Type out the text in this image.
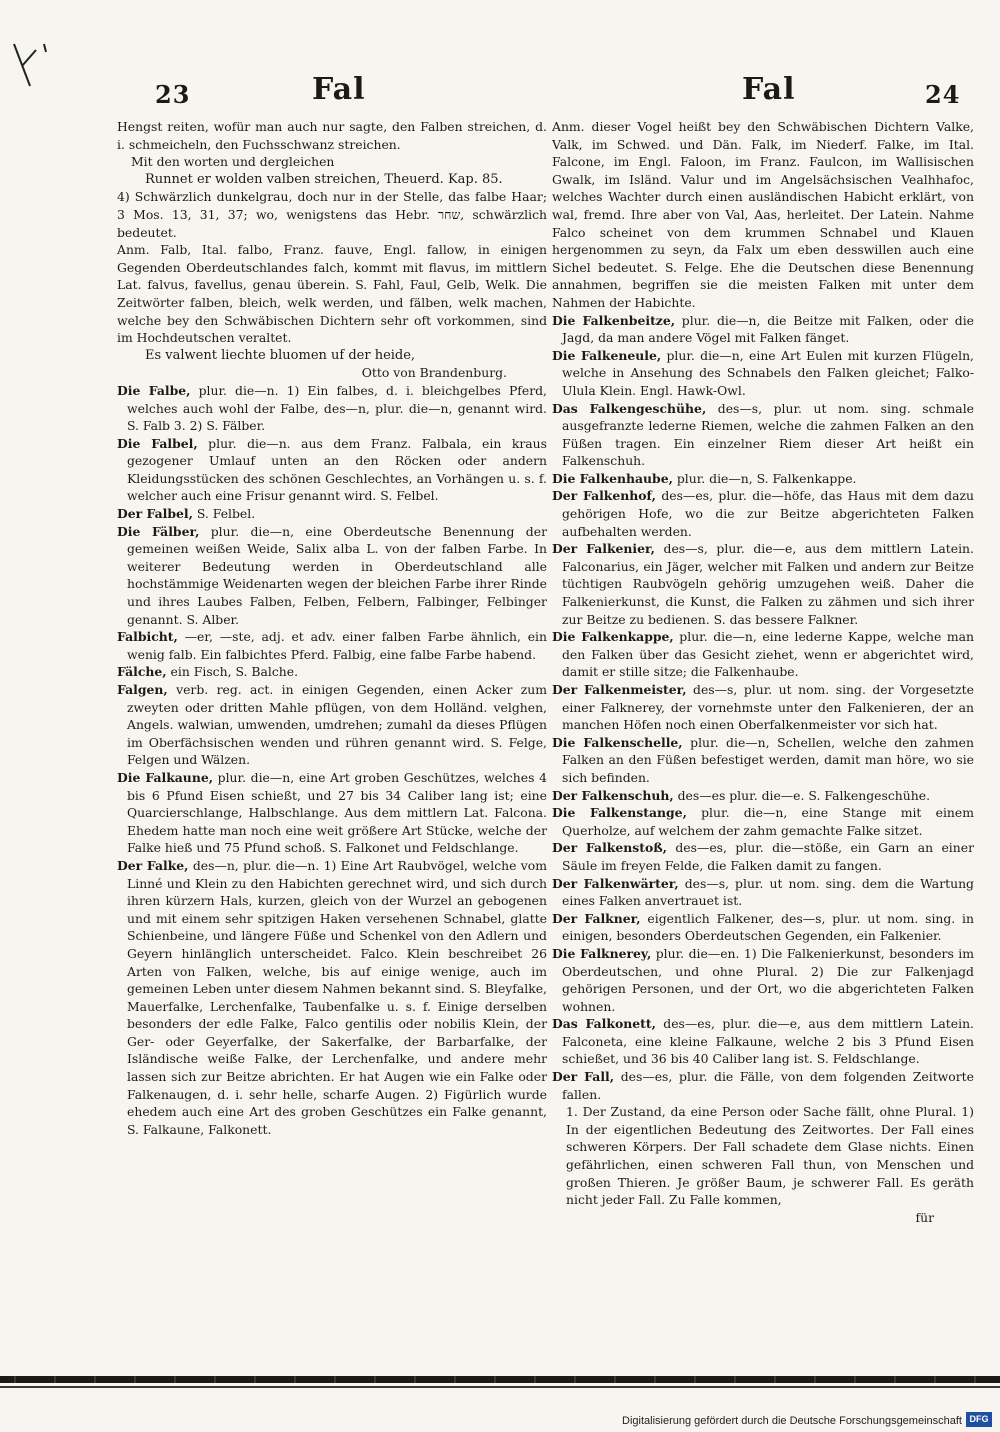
23	Fal	Fal	24

Hengst reiten, wofür man auch nur sagte, den Falben streichen, d. i. schmeicheln, den Fuchsschwanz streichen.

Mit den worten und dergleichen

Runnet er wolden valben streichen, Theuerd. Kap. 85.

4) Schwärzlich dunkelgrau, doch nur in der Stelle, das falbe Haar; 3 Mos. 13, 31, 37; wo, wenigstens das Hebr. שחר, schwärzlich bedeutet.

Anm. Falb, Ital. falbo, Franz. fauve, Engl. fallow, in einigen Gegenden Oberdeutschlandes falch, kommt mit flavus, im mittlern Lat. falvus, favellus, genau überein. S. Fahl, Faul, Gelb, Welk. Die Zeitwörter falben, bleich, welk werden, und fälben, welk machen, welche bey den Schwäbischen Dichtern sehr oft vorkommen, sind im Hochdeutschen veraltet.

Es valwent liechte bluomen uf der heide,

Otto von Brandenburg.

Die Falbe, plur. die—n. 1) Ein falbes, d. i. bleichgelbes Pferd, welches auch wohl der Falbe, des—n, plur. die—n, genannt wird. S. Falb 3. 2) S. Fälber.

Die Falbel, plur. die—n. aus dem Franz. Falbala, ein kraus gezogener Umlauf unten an den Röcken oder andern Kleidungsstücken des schönen Geschlechtes, an Vorhängen u. s. f. welcher auch eine Frisur genannt wird. S. Felbel.

Der Falbel, S. Felbel.

Die Fälber, plur. die—n, eine Oberdeutsche Benennung der gemeinen weißen Weide, Salix alba L. von der falben Farbe. In weiterer Bedeutung werden in Oberdeutschland alle hochstämmige Weidenarten wegen der bleichen Farbe ihrer Rinde und ihres Laubes Falben, Felben, Felbern, Falbinger, Felbinger genannt. S. Alber.

Falbicht, —er, —ste, adj. et adv. einer falben Farbe ähnlich, ein wenig falb. Ein falbichtes Pferd. Falbig, eine falbe Farbe habend.

Fälche, ein Fisch, S. Balche.

Falgen, verb. reg. act. in einigen Gegenden, einen Acker zum zweyten oder dritten Mahle pflügen, von dem Holländ. velghen, Angels. walwian, umwenden, umdrehen; zumahl da dieses Pflügen im Oberfächsischen wenden und rühren genannt wird. S. Felge, Felgen und Wälzen.

Die Falkaune, plur. die—n, eine Art groben Geschützes, welches 4 bis 6 Pfund Eisen schießt, und 27 bis 34 Caliber lang ist; eine Quarcierschlange, Halbschlange. Aus dem mittlern Lat. Falcona. Ehedem hatte man noch eine weit größere Art Stücke, welche der Falke hieß und 75 Pfund schoß. S. Falkonet und Feldschlange.

Der Falke, des—n, plur. die—n. 1) Eine Art Raubvögel, welche vom Linné und Klein zu den Habichten gerechnet wird, und sich durch ihren kürzern Hals, kurzen, gleich von der Wurzel an gebogenen und mit einem sehr spitzigen Haken versehenen Schnabel, glatte Schienbeine, und längere Füße und Schenkel von den Adlern und Geyern hinlänglich unterscheidet. Falco. Klein beschreibet 26 Arten von Falken, welche, bis auf einige wenige, auch im gemeinen Leben unter diesem Nahmen bekannt sind. S. Bleyfalke, Mauerfalke, Lerchenfalke, Taubenfalke u. s. f. Einige derselben besonders der edle Falke, Falco gentilis oder nobilis Klein, der Ger- oder Geyerfalke, der Sakerfalke, der Barbarfalke, der Isländische weiße Falke, der Lerchenfalke, und andere mehr lassen sich zur Beitze abrichten. Er hat Augen wie ein Falke oder Falkenaugen, d. i. sehr helle, scharfe Augen. 2) Figürlich wurde ehedem auch eine Art des groben Geschützes ein Falke genannt, S. Falkaune, Falkonett.

Anm. dieser Vogel heißt bey den Schwäbischen Dichtern Valke, Valk, im Schwed. und Dän. Falk, im Niederf. Falke, im Ital. Falcone, im Engl. Faloon, im Franz. Faulcon, im Wallisischen Gwalk, im Isländ. Valur und im Angelsächsischen Vealhhafoc, welches Wachter durch einen ausländischen Habicht erklärt, von wal, fremd. Ihre aber von Val, Aas, herleitet. Der Latein. Nahme Falco scheinet von dem krummen Schnabel und Klauen hergenommen zu seyn, da Falx um eben desswillen auch eine Sichel bedeutet. S. Felge. Ehe die Deutschen diese Benennung annahmen, begriffen sie die meisten Falken mit unter dem Nahmen der Habichte.

Die Falkenbeitze, plur. die—n, die Beitze mit Falken, oder die Jagd, da man andere Vögel mit Falken fänget.

Die Falkeneule, plur. die—n, eine Art Eulen mit kurzen Flügeln, welche in Ansehung des Schnabels den Falken gleichet; Falko-Ulula Klein. Engl. Hawk-Owl.

Das Falkengeschühe, des—s, plur. ut nom. sing. schmale ausgefranzte lederne Riemen, welche die zahmen Falken an den Füßen tragen. Ein einzelner Riem dieser Art heißt ein Falkenschuh.

Die Falkenhaube, plur. die—n, S. Falkenkappe.

Der Falkenhof, des—es, plur. die—höfe, das Haus mit dem dazu gehörigen Hofe, wo die zur Beitze abgerichteten Falken aufbehalten werden.

Der Falkenier, des—s, plur. die—e, aus dem mittlern Latein. Falconarius, ein Jäger, welcher mit Falken und andern zur Beitze tüchtigen Raubvögeln gehörig umzugehen weiß. Daher die Falkenierkunst, die Kunst, die Falken zu zähmen und sich ihrer zur Beitze zu bedienen. S. das bessere Falkner.

Die Falkenkappe, plur. die—n, eine lederne Kappe, welche man den Falken über das Gesicht ziehet, wenn er abgerichtet wird, damit er stille sitze; die Falkenhaube.

Der Falkenmeister, des—s, plur. ut nom. sing. der Vorgesetzte einer Falknerey, der vornehmste unter den Falkenieren, der an manchen Höfen noch einen Oberfalkenmeister vor sich hat.

Die Falkenschelle, plur. die—n, Schellen, welche den zahmen Falken an den Füßen befestiget werden, damit man höre, wo sie sich befinden.

Der Falkenschuh, des—es plur. die—e. S. Falkengeschühe.

Die Falkenstange, plur. die—n, eine Stange mit einem Querholze, auf welchem der zahm gemachte Falke sitzet.

Der Falkenstoß, des—es, plur. die—stöße, ein Garn an einer Säule im freyen Felde, die Falken damit zu fangen.

Der Falkenwärter, des—s, plur. ut nom. sing. dem die Wartung eines Falken anvertrauet ist.

Der Falkner, eigentlich Falkener, des—s, plur. ut nom. sing. in einigen, besonders Oberdeutschen Gegenden, ein Falkenier.

Die Falknerey, plur. die—en. 1) Die Falkenierkunst, besonders im Oberdeutschen, und ohne Plural. 2) Die zur Falkenjagd gehörigen Personen, und der Ort, wo die abgerichteten Falken wohnen.

Das Falkonett, des—es, plur. die—e, aus dem mittlern Latein. Falconeta, eine kleine Falkaune, welche 2 bis 3 Pfund Eisen schießet, und 36 bis 40 Caliber lang ist. S. Feldschlange.

Der Fall, des—es, plur. die Fälle, von dem folgenden Zeitworte fallen.

1. Der Zustand, da eine Person oder Sache fällt, ohne Plural. 1) In der eigentlichen Bedeutung des Zeitwortes. Der Fall eines schweren Körpers. Der Fall schadete dem Glase nichts. Einen gefährlichen, einen schweren Fall thun, von Menschen und großen Thieren. Je größer Baum, je schwerer Fall. Es geräth nicht jeder Fall. Zu Falle kommen,

für

Digitalisierung gefördert durch die Deutsche Forschungsgemeinschaft DFG
